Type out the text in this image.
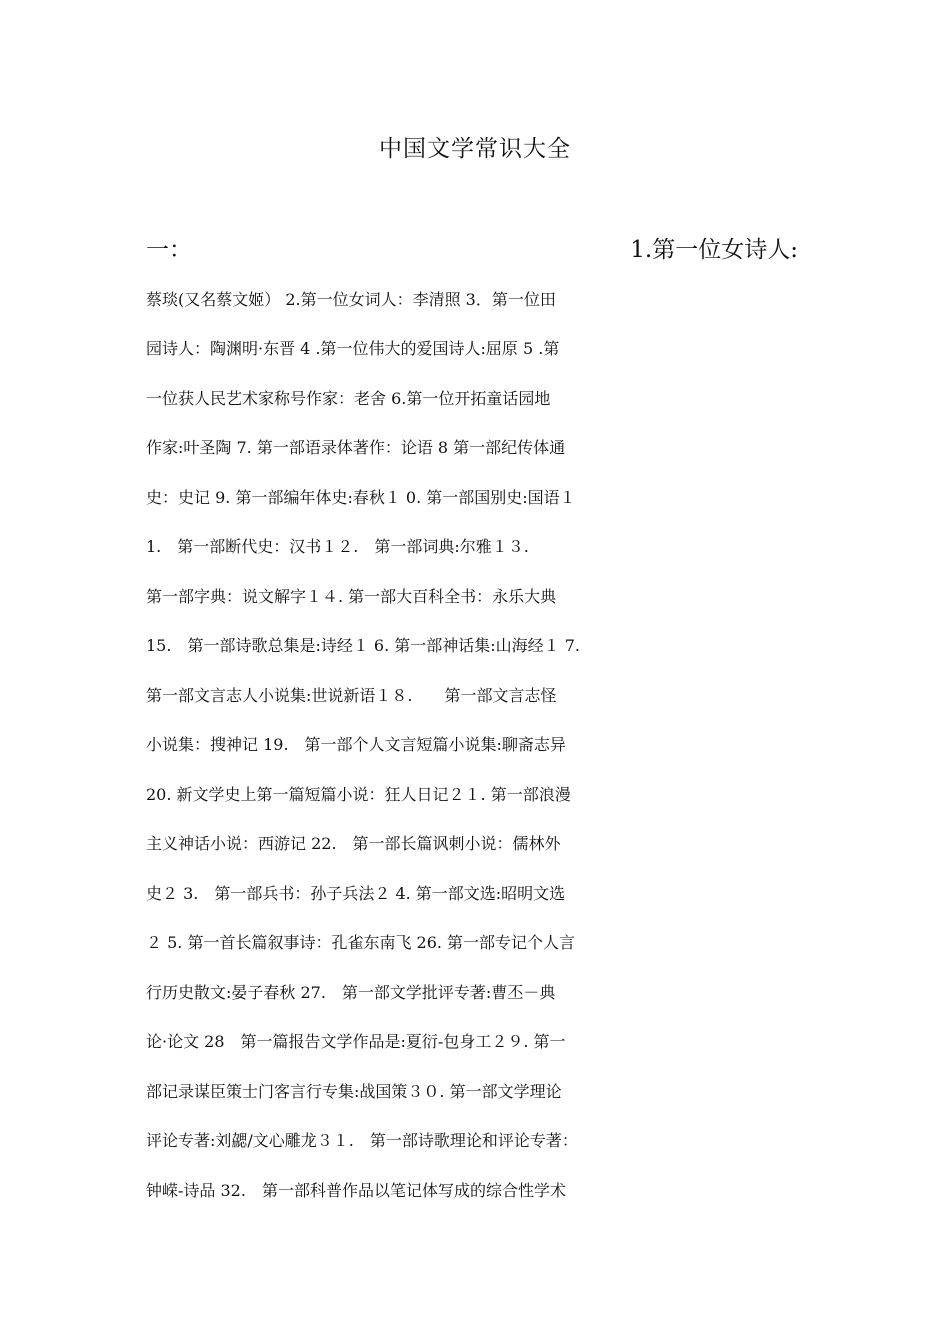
中国文学常识大全
一：	1.第一位女诗人:
蔡琰(又名蔡文姬） 2.第一位女词人：李清照 3．第一位田
园诗人：陶渊明·东晋 4 .第一位伟大的爱国诗人:屈原 5 .第
一位获人民艺术家称号作家：老舍 6.第一位开拓童话园地
作家:叶圣陶 7. 第一部语录体著作：论语 8 第一部纪传体通
史：史记 9. 第一部编年体史:春秋１ 0. 第一部国别史:国语１
1.　第一部断代史：汉书１２.　第一部词典:尔雅１３.
第一部字典：说文解字１４. 第一部大百科全书：永乐大典
15.　第一部诗歌总集是:诗经１ 6. 第一部神话集:山海经１ 7.
第一部文言志人小说集:世说新语１８.　　第一部文言志怪
小说集：搜神记 19.　第一部个人文言短篇小说集:聊斋志异
20. 新文学史上第一篇短篇小说：狂人日记２１. 第一部浪漫
主义神话小说：西游记 22.　第一部长篇讽刺小说：儒林外
史２ 3.　第一部兵书：孙子兵法２ 4. 第一部文选:昭明文选
２ 5. 第一首长篇叙事诗：孔雀东南飞 26. 第一部专记个人言
行历史散文:晏子春秋 27.　第一部文学批评专著:曹丕－典
论·论文 28　第一篇报告文学作品是:夏衍-包身工２９. 第一
部记录谋臣策士门客言行专集:战国策３０. 第一部文学理论
评论专著:刘勰/文心雕龙３１.　第一部诗歌理论和评论专著：
钟嵘-诗品 32.　第一部科普作品以笔记体写成的综合性学术
